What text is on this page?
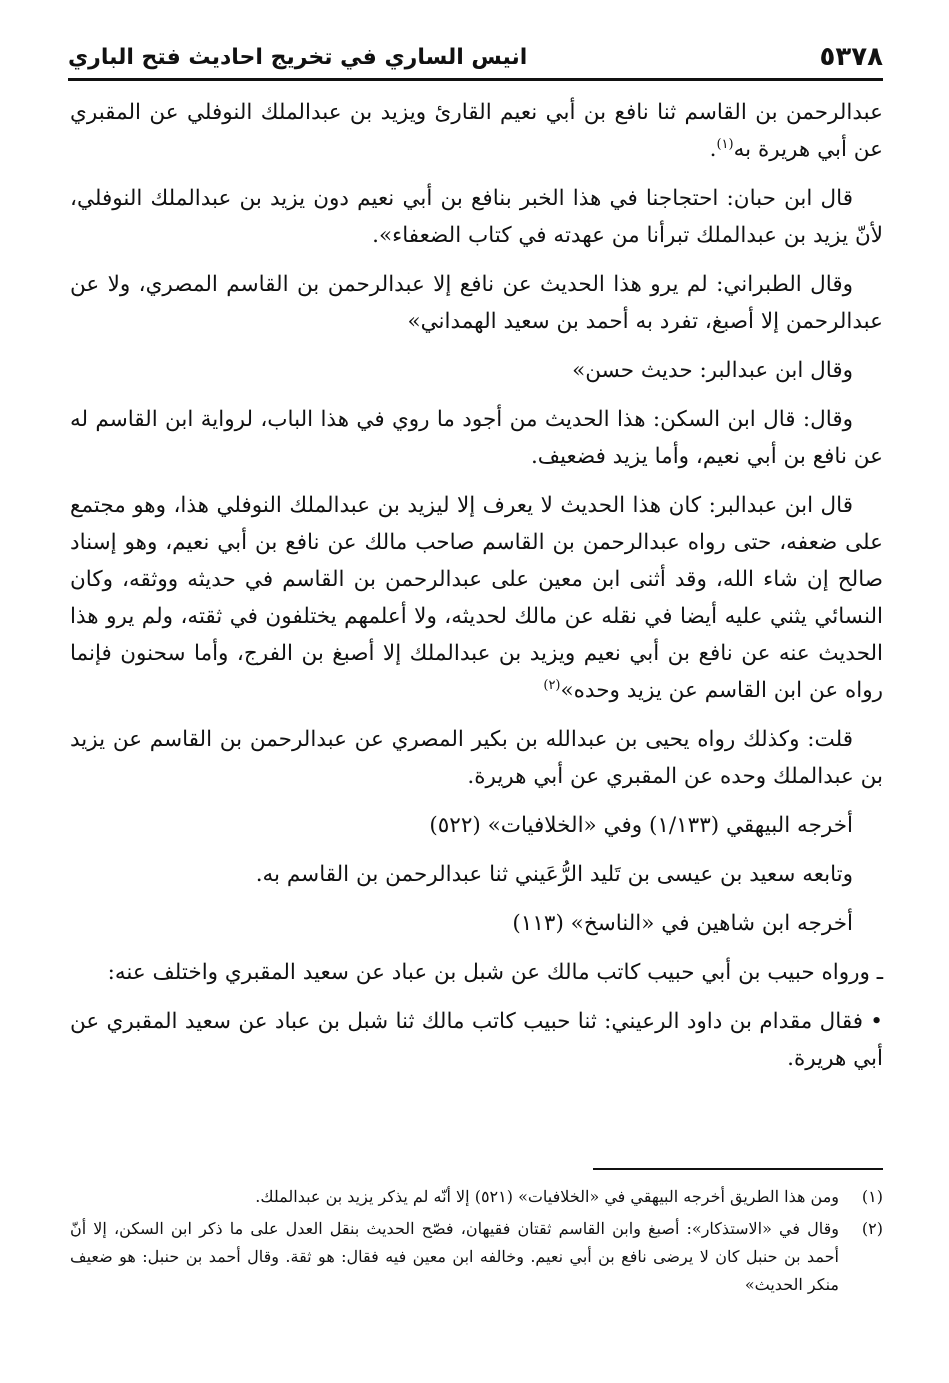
٥٣٧٨
انيس الساري في تخريج احاديث فتح الباري

عبدالرحمن بن القاسم ثنا نافع بن أبي نعيم القارئ ويزيد بن عبدالملك النوفلي عن المقبري عن أبي هريرة به$^{(١)}$.

قال ابن حبان: احتجاجنا في هذا الخبر بنافع بن أبي نعيم دون يزيد بن عبدالملك النوفلي، لأنّ يزيد بن عبدالملك تبرأنا من عهدته في كتاب الضعفاء».

وقال الطبراني: لم يرو هذا الحديث عن نافع إلا عبدالرحمن بن القاسم المصري، ولا عن عبدالرحمن إلا أصبغ، تفرد به أحمد بن سعيد الهمداني»

وقال ابن عبدالبر: حديث حسن»

وقال: قال ابن السكن: هذا الحديث من أجود ما روي في هذا الباب، لرواية ابن القاسم له عن نافع بن أبي نعيم، وأما يزيد فضعيف.

قال ابن عبدالبر: كان هذا الحديث لا يعرف إلا ليزيد بن عبدالملك النوفلي هذا، وهو مجتمع على ضعفه، حتى رواه عبدالرحمن بن القاسم صاحب مالك عن نافع بن أبي نعيم، وهو إسناد صالح إن شاء الله، وقد أثنى ابن معين على عبدالرحمن بن القاسم في حديثه ووثقه، وكان النسائي يثني عليه أيضا في نقله عن مالك لحديثه، ولا أعلمهم يختلفون في ثقته، ولم يرو هذا الحديث عنه عن نافع بن أبي نعيم ويزيد بن عبدالملك إلا أصبغ بن الفرج، وأما سحنون فإنما رواه عن ابن القاسم عن يزيد وحده»$^{(٢)}$

قلت: وكذلك رواه يحيى بن عبدالله بن بكير المصري عن عبدالرحمن بن القاسم عن يزيد بن عبدالملك وحده عن المقبري عن أبي هريرة.

أخرجه البيهقي (١/١٣٣) وفي «الخلافيات» (٥٢٢)

وتابعه سعيد بن عيسى بن تَليد الرُّعَيني ثنا عبدالرحمن بن القاسم به.

أخرجه ابن شاهين في «الناسخ» (١١٣)

ـ ورواه حبيب بن أبي حبيب كاتب مالك عن شبل بن عباد عن سعيد المقبري واختلف عنه:

• فقال مقدام بن داود الرعيني: ثنا حبيب كاتب مالك ثنا شبل بن عباد عن سعيد المقبري عن أبي هريرة.

(١)
ومن هذا الطريق أخرجه البيهقي في «الخلافيات» (٥٢١) إلا أنّه لم يذكر يزيد بن عبدالملك.
(٢)
وقال في «الاستذكار»: أصبغ وابن القاسم ثقتان فقيهان، فصّح الحديث بنقل العدل على ما ذكر ابن السكن، إلا أنّ أحمد بن حنبل كان لا يرضى نافع بن أبي نعيم. وخالفه ابن معين فيه فقال: هو ثقة. وقال أحمد بن حنبل: هو ضعيف منكر الحديث»
